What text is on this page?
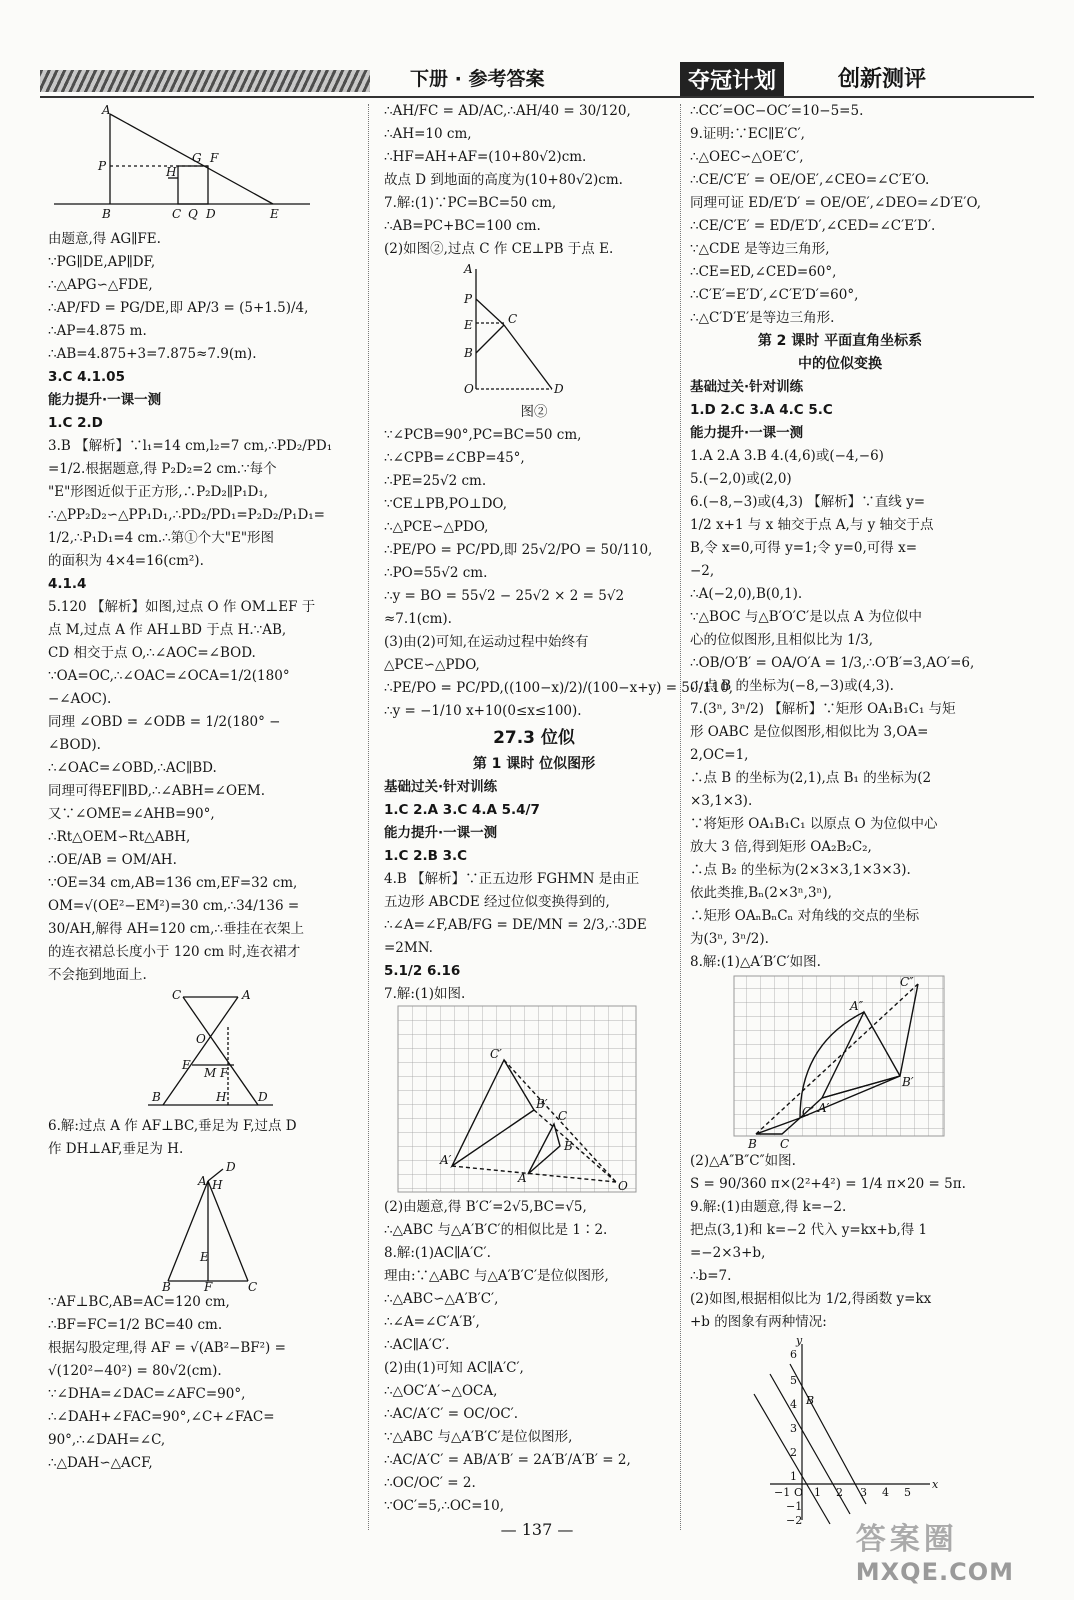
下册 · 参考答案	夺冠计划	创新测评
A
P	H
G F
B	C Q D	E
由题意,得 AG∥FE.
∵PG∥DE,AP∥DF,
∴△APG∽△FDE,
∴AP/FD = PG/DE,即 AP/3 = (5+1.5)/4,
∴AP=4.875 m.
∴AB=4.875+3=7.875≈7.9(m).
3.C 4.1.05
能力提升·一课一测
1.C 2.D
3.B 【解析】∵l₁=14 cm,l₂=7 cm,∴PD₂/PD₁
=1/2.根据题意,得 P₂D₂=2 cm.∵每个
"E"形图近似于正方形,∴P₂D₂∥P₁D₁,
∴△PP₂D₂∽△PP₁D₁,∴PD₂/PD₁=P₂D₂/P₁D₁=
1/2,∴P₁D₁=4 cm.∴第①个大"E"形图
的面积为 4×4=16(cm²).
4.1.4
5.120 【解析】如图,过点 O 作 OM⊥EF 于
点 M,过点 A 作 AH⊥BD 于点 H.∵AB,
CD 相交于点 O,∴∠AOC=∠BOD.
∵OA=OC,∴∠OAC=∠OCA=1/2(180°
−∠AOC).
同理 ∠OBD = ∠ODB = 1/2(180° −
∠BOD).
∴∠OAC=∠OBD,∴AC∥BD.
同理可得EF∥BD,∴∠ABH=∠OEM.
又∵∠OME=∠AHB=90°,
∴Rt△OEM∽Rt△ABH,
∴OE/AB = OM/AH.
∵OE=34 cm,AB=136 cm,EF=32 cm,
OM=√(OE²−EM²)=30 cm,∴34/136 =
30/AH,解得 AH=120 cm,∴垂挂在衣架上
的连衣裙总长度小于 120 cm 时,连衣裙才
不会拖到地面上.
C	A
O
E
M F
B	H	D
6.解:过点 A 作 AF⊥BC,垂足为 F,过点 D
作 DH⊥AF,垂足为 H.
A
D
H
E
B	F	C
∵AF⊥BC,AB=AC=120 cm,
∴BF=FC=1/2 BC=40 cm.
根据勾股定理,得 AF = √(AB²−BF²) =
√(120²−40²) = 80√2(cm).
∵∠DHA=∠DAC=∠AFC=90°,
∴∠DAH+∠FAC=90°,∠C+∠FAC=
90°,∴∠DAH=∠C,
∴△DAH∽△ACF,
∴AH/FC = AD/AC,∴AH/40 = 30/120,
∴AH=10 cm,
∴HF=AH+AF=(10+80√2)cm.
故点 D 到地面的高度为(10+80√2)cm.
7.解:(1)∵PC=BC=50 cm,
∴AB=PC+BC=100 cm.
(2)如图②,过点 C 作 CE⊥PB 于点 E.
A
P
E	C
B
O	D
图②
∵∠PCB=90°,PC=BC=50 cm,
∴∠CPB=∠CBP=45°,
∴PE=25√2 cm.
∵CE⊥PB,PO⊥DO,
∴△PCE∽△PDO,
∴PE/PO = PC/PD,即 25√2/PO = 50/110,
∴PO=55√2 cm.
∴y = BO = 55√2 − 25√2 × 2 = 5√2
≈7.1(cm).
(3)由(2)可知,在运动过程中始终有
△PCE∽△PDO,
∴PE/PO = PC/PD,((100−x)/2)/(100−x+y) = 50/110,
∴y = −1/10 x+10(0≤x≤100).
27.3 位似
第 1 课时 位似图形
基础过关·针对训练
1.C 2.A 3.C 4.A 5.4/7
能力提升·一课一测
1.C 2.B 3.C
4.B 【解析】∵正五边形 FGHMN 是由正
五边形 ABCDE 经过位似变换得到的,
∴∠A=∠F,AB/FG = DE/MN = 2/3,∴3DE
=2MN.
5.1/2 6.16
7.解:(1)如图.
C′
A′
B′
C
A
B
O
(2)由题意,得 B′C′=2√5,BC=√5,
∴△ABC 与△A′B′C′的相似比是 1∶2.
8.解:(1)AC∥A′C′.
理由:∵△ABC 与△A′B′C′是位似图形,
∴△ABC∽△A′B′C′,
∴∠A=∠C′A′B′,
∴AC∥A′C′.
(2)由(1)可知 AC∥A′C′,
∴△OC′A′∽△OCA,
∴AC/A′C′ = OC/OC′.
∵△ABC 与△A′B′C′是位似图形,
∴AC/A′C′ = AB/A′B′ = 2A′B′/A′B′ = 2,
∴OC/OC′ = 2.
∵OC′=5,∴OC=10,
∴CC′=OC−OC′=10−5=5.
9.证明:∵EC∥E′C′,
∴△OEC∽△OE′C′,
∴CE/C′E′ = OE/OE′,∠CEO=∠C′E′O.
同理可证 ED/E′D′ = OE/OE′,∠DEO=∠D′E′O,
∴CE/C′E′ = ED/E′D′,∠CED=∠C′E′D′.
∵△CDE 是等边三角形,
∴CE=ED,∠CED=60°,
∴C′E′=E′D′,∠C′E′D′=60°,
∴△C′D′E′是等边三角形.
第 2 课时 平面直角坐标系
中的位似变换
基础过关·针对训练
1.D 2.C 3.A 4.C 5.C
能力提升·一课一测
1.A 2.A 3.B 4.(4,6)或(−4,−6)
5.(−2,0)或(2,0)
6.(−8,−3)或(4,3) 【解析】∵直线 y=
1/2 x+1 与 x 轴交于点 A,与 y 轴交于点
B,令 x=0,可得 y=1;令 y=0,可得 x=
−2,
∴A(−2,0),B(0,1).
∵△BOC 与△B′O′C′是以点 A 为位似中
心的位似图形,且相似比为 1/3,
∴OB/O′B′ = OA/O′A = 1/3,∴O′B′=3,AO′=6,
∴点 B 的坐标为(−8,−3)或(4,3).
7.(3ⁿ, 3ⁿ/2) 【解析】∵矩形 OA₁B₁C₁ 与矩
形 OABC 是位似图形,相似比为 3,OA=
2,OC=1,
∴点 B 的坐标为(2,1),点 B₁ 的坐标为(2
×3,1×3).
∵将矩形 OA₁B₁C₁ 以原点 O 为位似中心
放大 3 倍,得到矩形 OA₂B₂C₂,
∴点 B₂ 的坐标为(2×3×3,1×3×3).
依此类推,Bₙ(2×3ⁿ,3ⁿ),
∴矩形 OAₙBₙCₙ 对角线的交点的坐标
为(3ⁿ, 3ⁿ/2).
8.解:(1)△A′B′C′如图.
B C
C′ A′
B′
A″
C″
(2)△A″B″C″如图.
S = 90/360 π×(2²+4²) = 1/4 π×20 = 5π.
9.解:(1)由题意,得 k=−2.
把点(3,1)和 k=−2 代入 y=kx+b,得 1
=−2×3+b,
∴b=7.
(2)如图,根据相似比为 1/2,得函数 y=kx
+b 的图象有两种情况:
y
x
6
5
4
3
2
1
−1 O 1 2 3 4 5
−1
−2
B
— 137 —	答案圈
MXQE.COM
